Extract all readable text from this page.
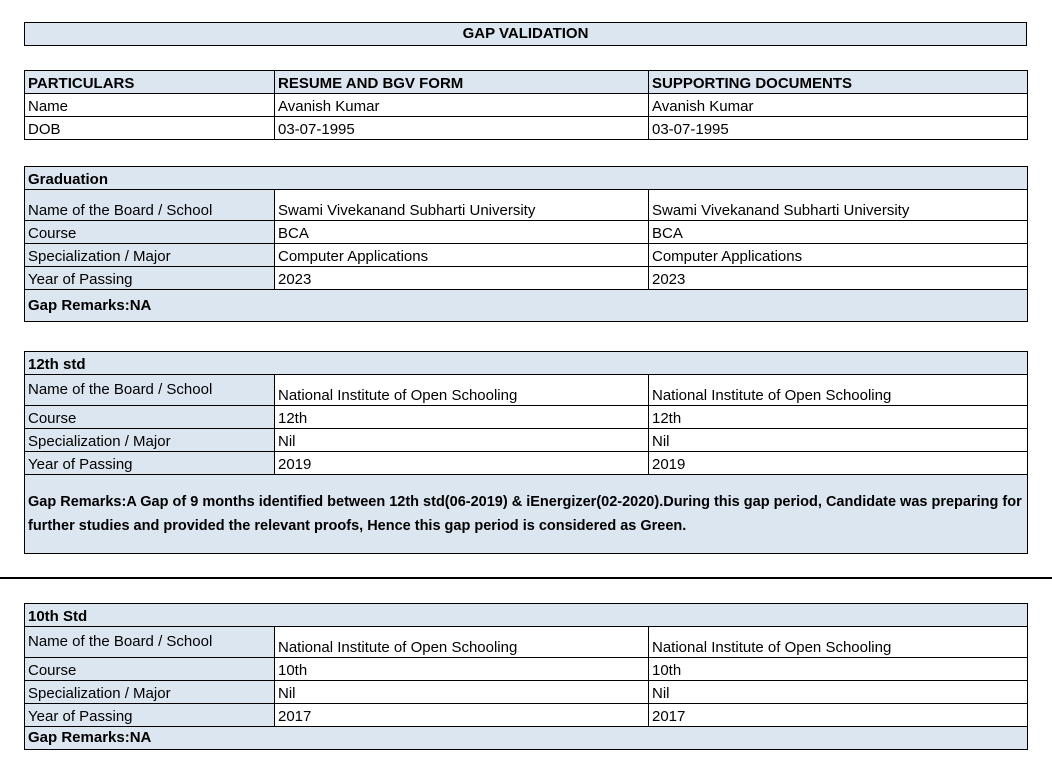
GAP VALIDATION
PARTICULARS	RESUME AND BGV FORM	SUPPORTING DOCUMENTS
Name	Avanish Kumar	Avanish Kumar
DOB	03-07-1995	03-07-1995
Graduation		
Name of the Board / School	Swami Vivekanand Subharti University	Swami Vivekanand Subharti University
Course	BCA	BCA
Specialization / Major	Computer Applications	Computer Applications
Year of Passing	2023	2023
Gap Remarks:NA		
12th std		
Name of the Board / School	National Institute of Open Schooling	National Institute of Open Schooling
Course	12th	12th
Specialization / Major	Nil	Nil
Year of Passing	2019	2019
Gap Remarks:A Gap of 9 months identified between 12th std(06-2019) & iEnergizer(02-2020).During this gap period, Candidate was preparing for further studies and provided the relevant proofs, Hence this gap period is considered as Green.		
10th Std		
Name of the Board / School	National Institute of Open Schooling	National Institute of Open Schooling
Course	10th	10th
Specialization / Major	Nil	Nil
Year of Passing	2017	2017
Gap Remarks:NA		
